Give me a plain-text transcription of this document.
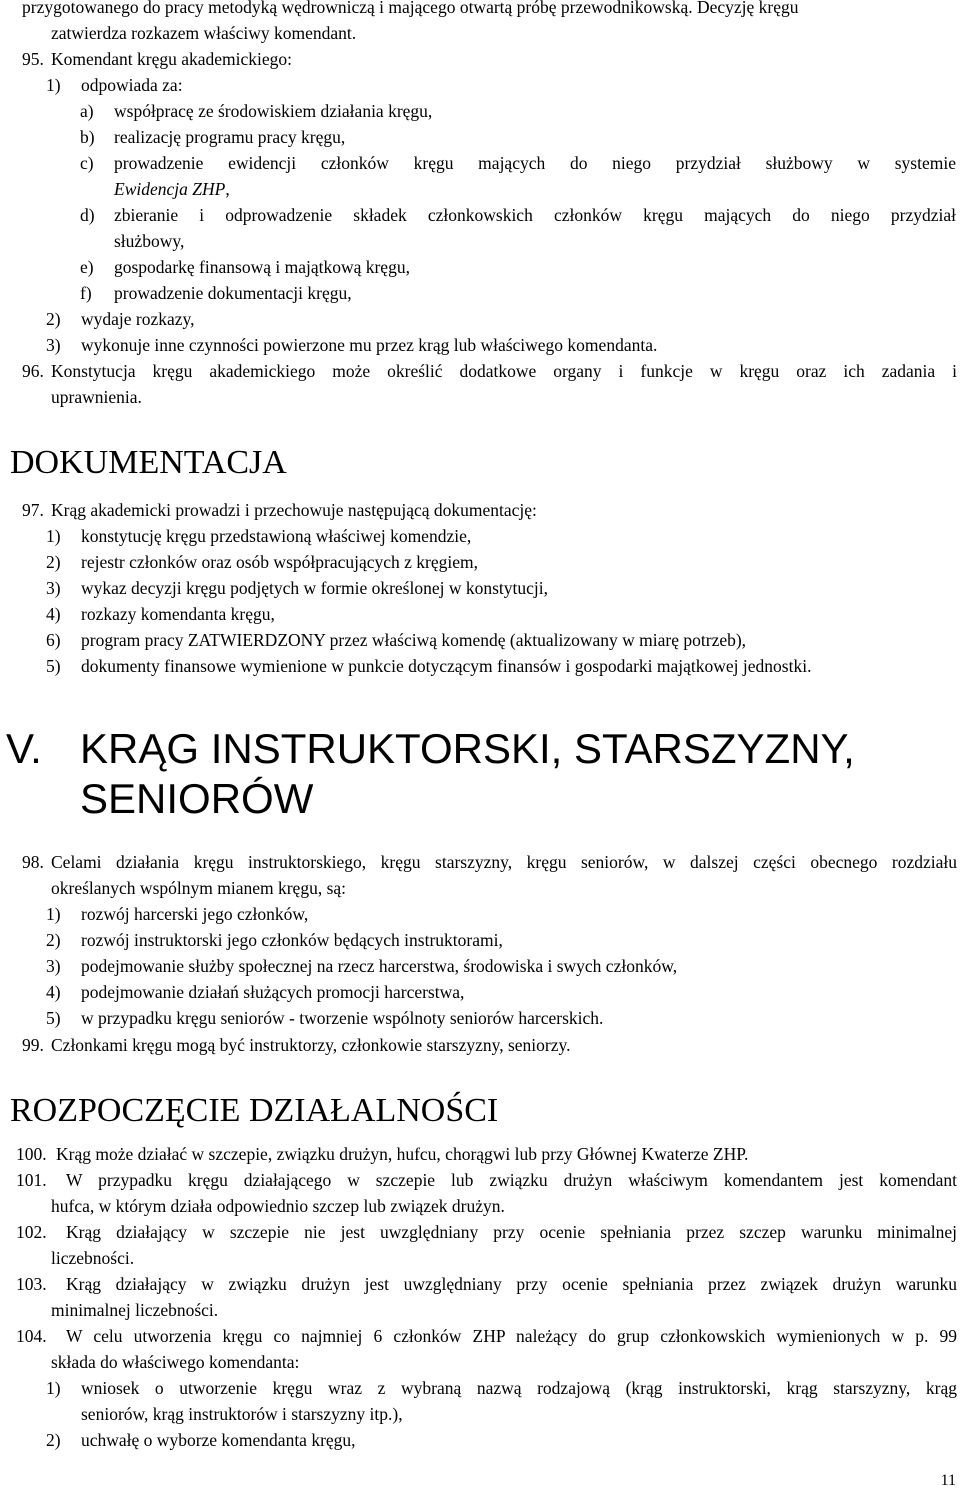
przygotowanego do pracy metodyką wędrowniczą i mającego otwartą próbę przewodnikowską. Decyzję kręgu

zatwierdza rozkazem właściwy komendant.

95. Komendant kręgu akademickiego:

1) odpowiada za:

a) współpracę ze środowiskiem działania kręgu,

b) realizację programu pracy kręgu,

c)	prowadzenie ewidencji członków kręgu mających do niego przydział służbowy w systemie

Ewidencja ZHP,

d)	zbieranie i odprowadzenie składek członkowskich członków kręgu mających do niego przydział

służbowy,

e) gospodarkę finansową i majątkową kręgu,

f) prowadzenie dokumentacji kręgu,

2) wydaje rozkazy,

3) wykonuje inne czynności powierzone mu przez krąg lub właściwego komendanta.

96. Konstytucja kręgu akademickiego może określić dodatkowe organy i funkcje w kręgu oraz ich zadania i

uprawnienia.

DOKUMENTACJA

97. Krąg akademicki prowadzi i przechowuje następującą dokumentację:

1) konstytucję kręgu przedstawioną właściwej komendzie,

2) rejestr członków oraz osób współpracujących z kręgiem,

3) wykaz decyzji kręgu podjętych w formie określonej w konstytucji,

4) rozkazy komendanta kręgu,

6) program pracy ZATWIERDZONY przez właściwą komendę (aktualizowany w miarę potrzeb),

5) dokumenty finansowe wymienione w punkcie dotyczącym finansów i gospodarki majątkowej jednostki.

V. KRĄG INSTRUKTORSKI, STARSZYZNY,
SENIORÓW

98. Celami działania kręgu instruktorskiego, kręgu starszyzny, kręgu seniorów, w dalszej części obecnego rozdziału

określanych wspólnym mianem kręgu, są:

1) rozwój harcerski jego członków,

2) rozwój instruktorski jego członków będących instruktorami,

3) podejmowanie służby społecznej na rzecz harcerstwa, środowiska i swych członków,

4) podejmowanie działań służących promocji harcerstwa,

5) w przypadku kręgu seniorów - tworzenie wspólnoty seniorów harcerskich.

99. Członkami kręgu mogą być instruktorzy, członkowie starszyzny, seniorzy.

ROZPOCZĘCIE DZIAŁALNOŚCI

100. Krąg może działać w szczepie, związku drużyn, hufcu, chorągwi lub przy Głównej Kwaterze ZHP.

101.	W przypadku kręgu działającego w szczepie lub związku drużyn właściwym komendantem jest komendant

hufca, w którym działa odpowiednio szczep lub związek drużyn.

102.	Krąg działający w szczepie nie jest uwzględniany przy ocenie spełniania przez szczep warunku minimalnej

liczebności.

103.	Krąg działający w związku drużyn jest uwzględniany przy ocenie spełniania przez związek drużyn warunku

minimalnej liczebności.

104.	W celu utworzenia kręgu co najmniej 6 członków ZHP należący do grup członkowskich wymienionych w p. 99

składa do właściwego komendanta:

1)	wniosek o utworzenie kręgu wraz z wybraną nazwą rodzajową (krąg instruktorski, krąg starszyzny, krąg

seniorów, krąg instruktorów i starszyzny itp.),

2) uchwałę o wyborze komendanta kręgu,

11
